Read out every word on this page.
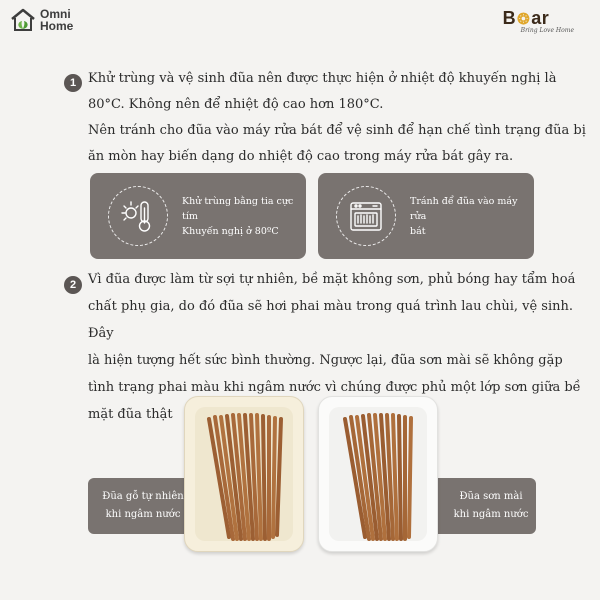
Omni
Home	B ❂ a r
Bring Love Home
1 Khử trùng và vệ sinh đũa nên được thực hiện ở nhiệt độ khuyến nghị là

80°C. Không nên để nhiệt độ cao hơn 180°C.

Nên tránh cho đũa vào máy rửa bát để vệ sinh để hạn chế tình trạng đũa bị

ăn mòn hay biến dạng do nhiệt độ cao trong máy rửa bát gây ra.

Khử trùng bằng tia cực tím
Khuyến nghị ở 80ºC
Tránh để đũa vào máy rửa
bát
2 Vì đũa được làm từ sợi tự nhiên, bề mặt không sơn, phủ bóng hay tẩm hoá

chất phụ gia, do đó đũa sẽ hơi phai màu trong quá trình lau chùi, vệ sinh. Đây

là hiện tượng hết sức bình thường. Ngược lại, đũa sơn mài sẽ không gặp

tình trạng phai màu khi ngâm nước vì chúng được phủ một lớp sơn giữa bề

mặt đũa thật

Đũa gỗ tự nhiên
khi ngâm nước
Đũa sơn mài
khi ngâm nước
